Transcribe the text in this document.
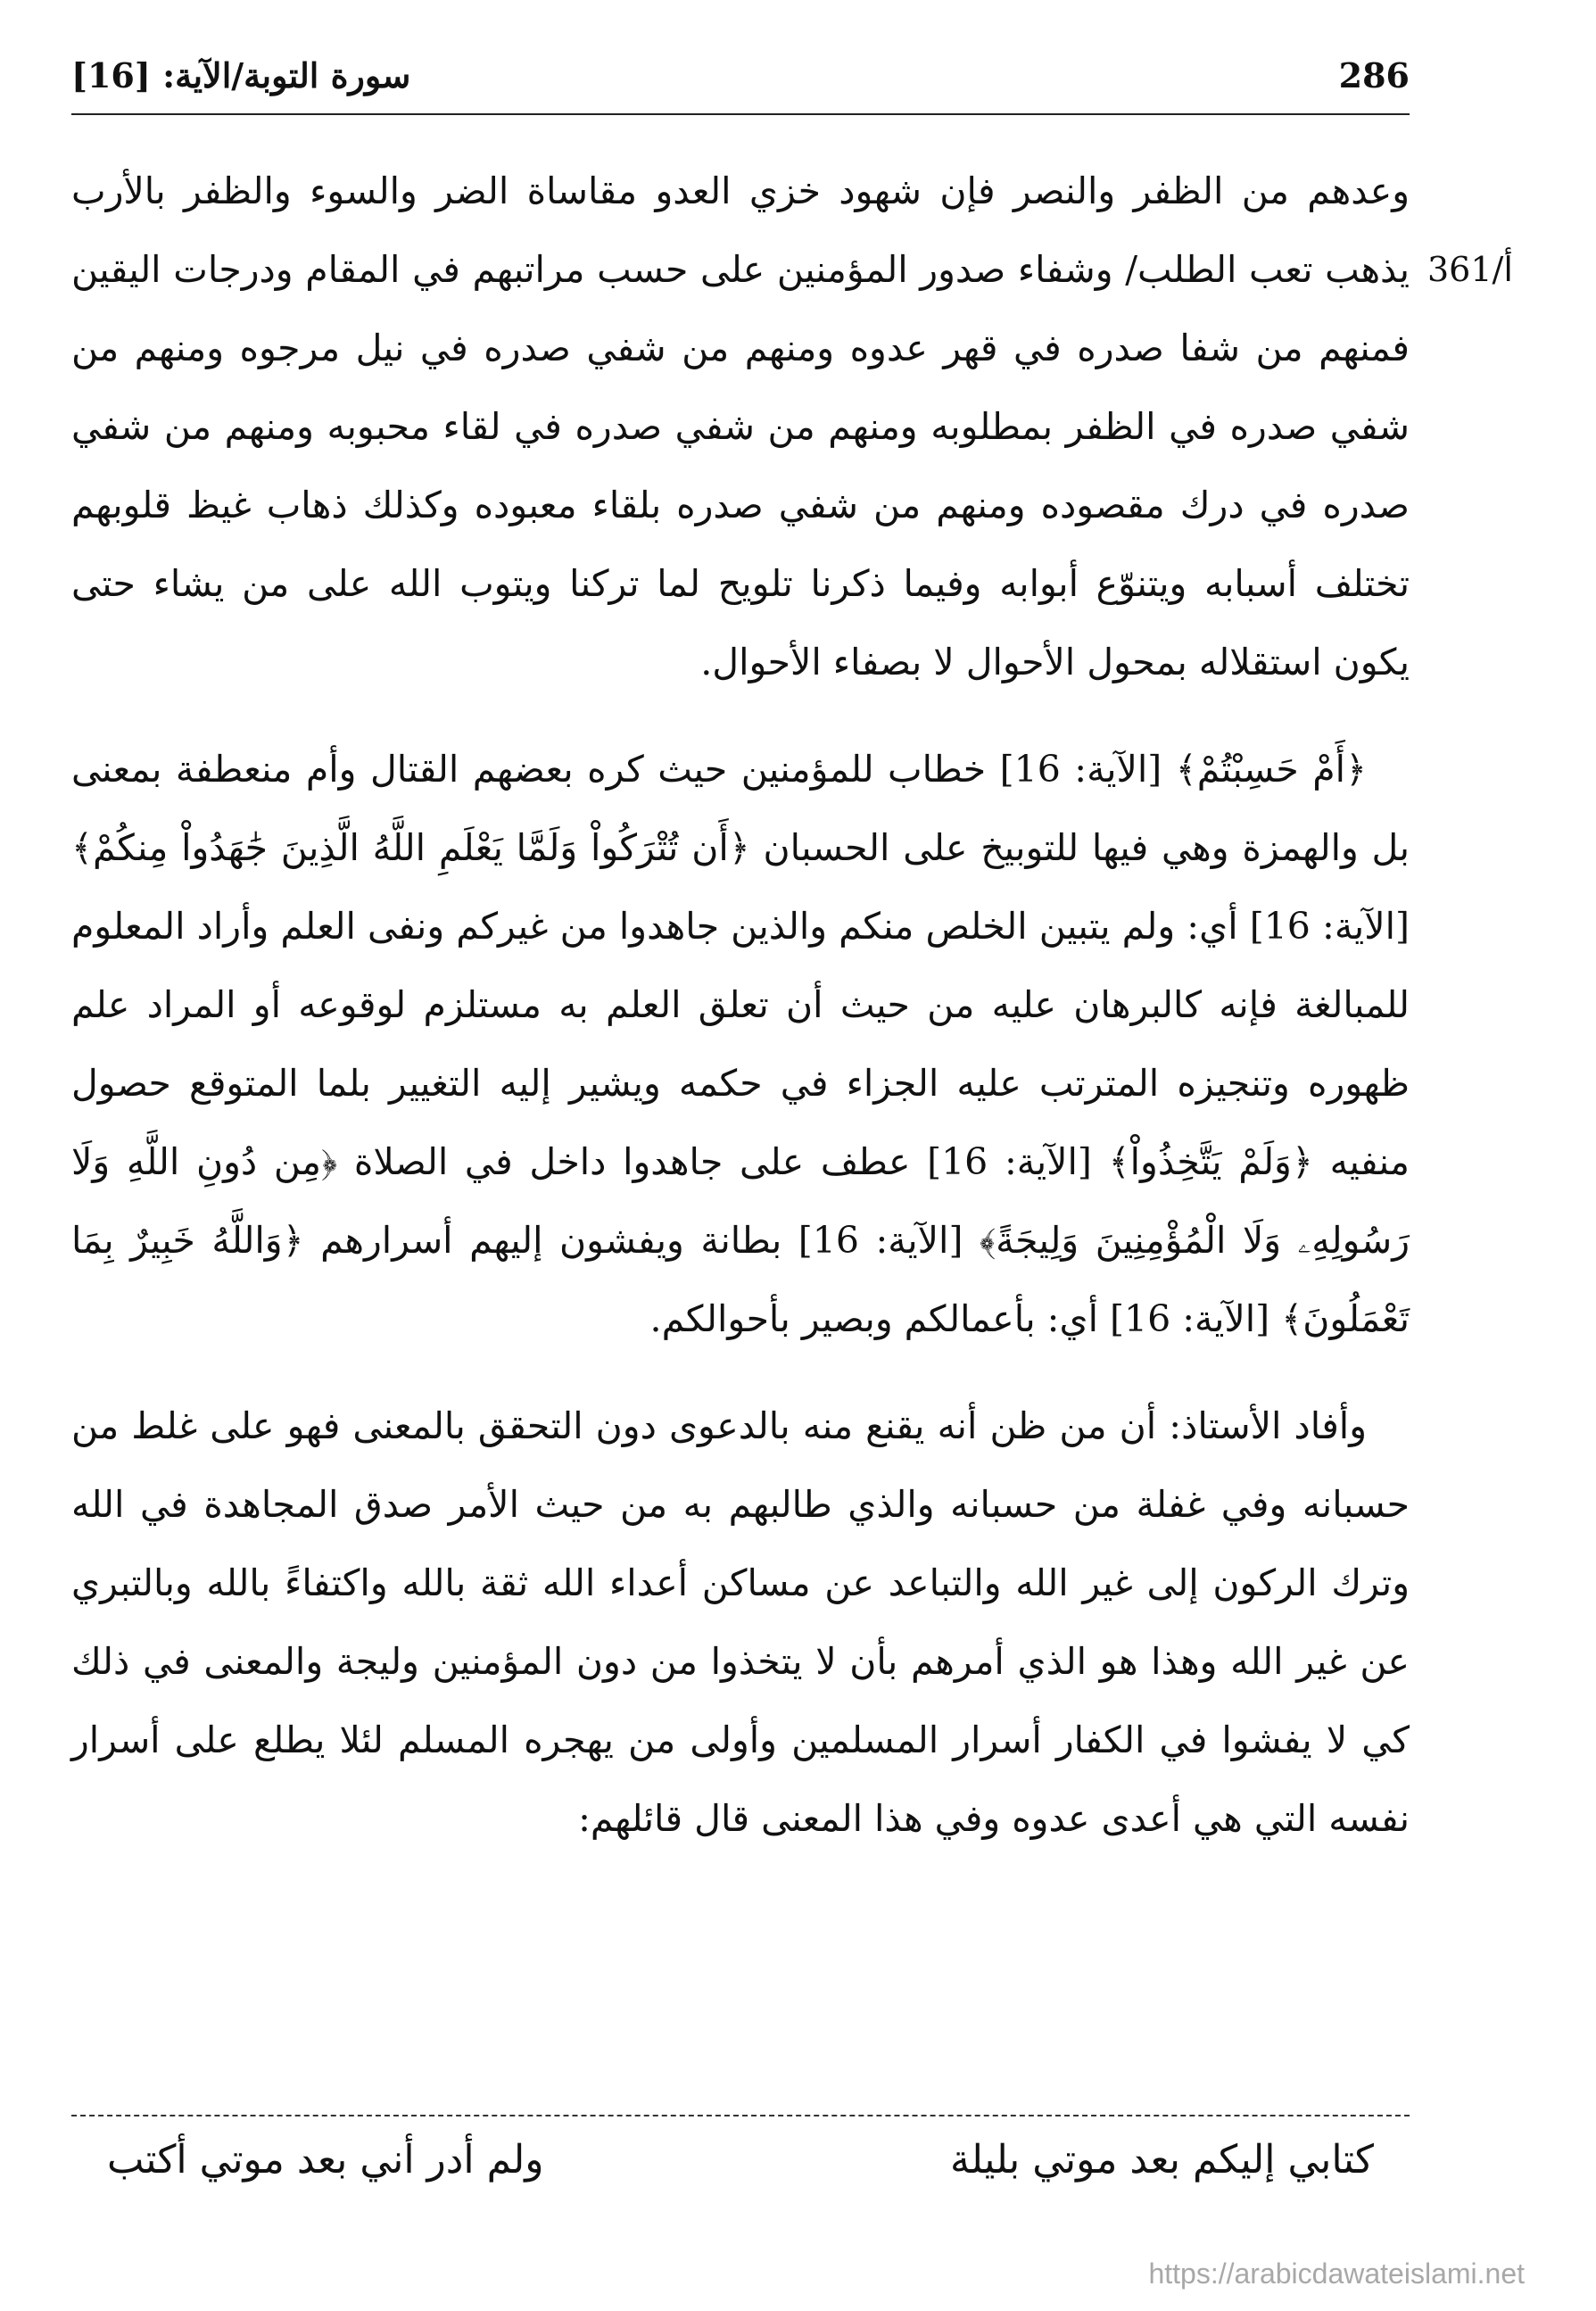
286
سورة التوبة/الآية: [16]
361/أ

وعدهم من الظفر والنصر فإن شهود خزي العدو مقاساة الضر والسوء والظفر بالأرب يذهب تعب الطلب/ وشفاء صدور المؤمنين على حسب مراتبهم في المقام ودرجات اليقين فمنهم من شفا صدره في قهر عدوه ومنهم من شفي صدره في نيل مرجوه ومنهم من شفي صدره في الظفر بمطلوبه ومنهم من شفي صدره في لقاء محبوبه ومنهم من شفي صدره في درك مقصوده ومنهم من شفي صدره بلقاء معبوده وكذلك ذهاب غيظ قلوبهم تختلف أسبابه ويتنوّع أبوابه وفيما ذكرنا تلويح لما تركنا ويتوب الله على من يشاء حتى يكون استقلاله بمحول الأحوال لا بصفاء الأحوال.

﴿أَمْ حَسِبْتُمْ﴾ [الآية: 16] خطاب للمؤمنين حيث كره بعضهم القتال وأم منعطفة بمعنى بل والهمزة وهي فيها للتوبيخ على الحسبان ﴿أَن تُتْرَكُواْ وَلَمَّا يَعْلَمِ اللَّهُ الَّذِينَ جَٰهَدُواْ مِنكُمْ﴾ [الآية: 16] أي: ولم يتبين الخلص منكم والذين جاهدوا من غيركم ونفى العلم وأراد المعلوم للمبالغة فإنه كالبرهان عليه من حيث أن تعلق العلم به مستلزم لوقوعه أو المراد علم ظهوره وتنجيزه المترتب عليه الجزاء في حكمه ويشير إليه التغيير بلما المتوقع حصول منفيه ﴿وَلَمْ يَتَّخِذُواْ﴾ [الآية: 16] عطف على جاهدوا داخل في الصلاة ﴿مِن دُونِ اللَّهِ وَلَا رَسُولِهِۦ وَلَا الْمُؤْمِنِينَ وَلِيجَةً﴾ [الآية: 16] بطانة ويفشون إليهم أسرارهم ﴿وَاللَّهُ خَبِيرٌ بِمَا تَعْمَلُونَ﴾ [الآية: 16] أي: بأعمالكم وبصير بأحوالكم.

وأفاد الأستاذ: أن من ظن أنه يقنع منه بالدعوى دون التحقق بالمعنى فهو على غلط من حسبانه وفي غفلة من حسبانه والذي طالبهم به من حيث الأمر صدق المجاهدة في الله وترك الركون إلى غير الله والتباعد عن مساكن أعداء الله ثقة بالله واكتفاءً بالله وبالتبري عن غير الله وهذا هو الذي أمرهم بأن لا يتخذوا من دون المؤمنين وليجة والمعنى في ذلك كي لا يفشوا في الكفار أسرار المسلمين وأولى من يهجره المسلم لئلا يطلع على أسرار نفسه التي هي أعدى عدوه وفي هذا المعنى قال قائلهم:

كتابي إليكم بعد موتي بليلة
ولم أدر أني بعد موتي أكتب
https://arabicdawateislami.net
